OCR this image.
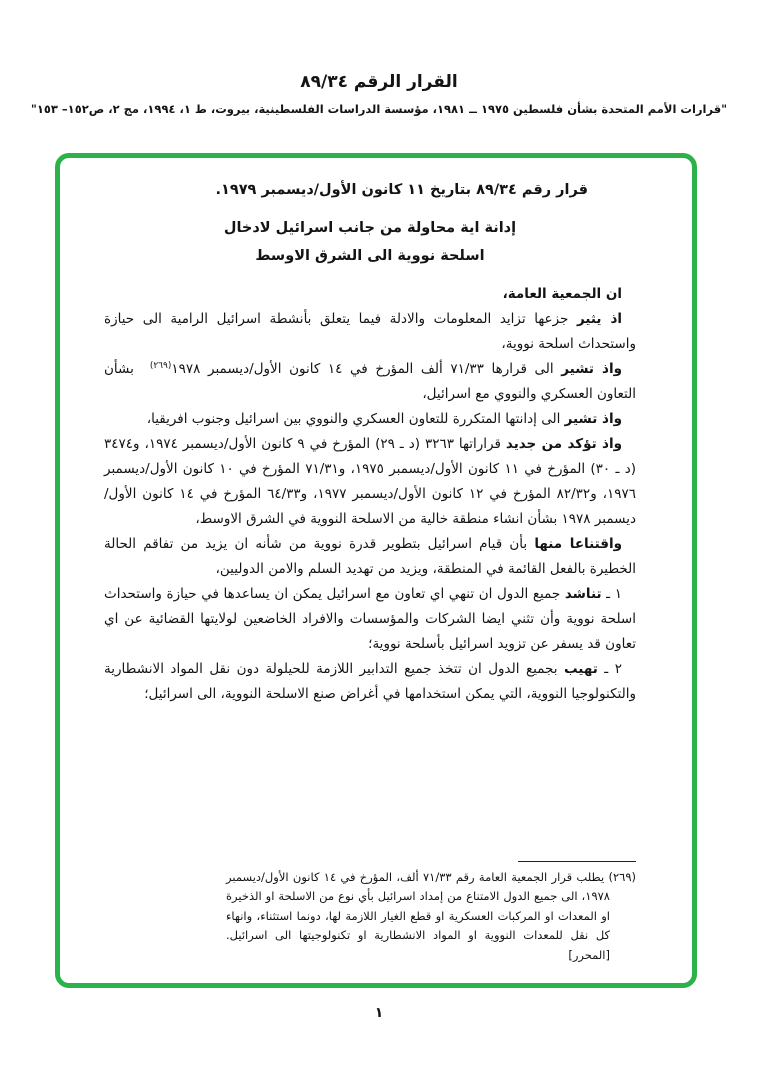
القرار الرقم ٨٩/٣٤
"قرارات الأمم المتحدة بشأن فلسطين ١٩٧٥ ــ ١٩٨١، مؤسسة الدراسات الفلسطينية، بيروت، ط ١، ١٩٩٤، مج ٢، ص١٥٢‏– ‏١٥٣"

قرار رقم ٨٩/٣٤ بتاريخ ١١ كانون الأول/ديسمبر ١٩٧٩.

إدانة اية محاولة من جانب اسرائيل لادخال

اسلحة نووية الى الشرق الاوسط

ان الجمعية العامة،

اذ يثير جزعها تزايد المعلومات والادلة فيما يتعلق بأنشطة اسرائيل الرامية الى حيازة واستحداث اسلحة نووية،

واذ تشير الى قرارها ٧١/٣٣ ألف المؤرخ في ١٤ كانون الأول/ديسمبر ١٩٧٨$^{(٢٦٩)}$بشأن التعاون العسكري والنووي مع اسرائيل،

واذ تشير الى إدانتها المتكررة للتعاون العسكري والنووي بين اسرائيل وجنوب افريقيا،

واذ تؤكد من جديد قراراتها ٣٢٦٣ (د ـ ٢٩) المؤرخ في ٩ كانون الأول/ديسمبر ١٩٧٤، و٣٤٧٤ (د ـ ٣٠) المؤرخ في ١١ كانون الأول/ديسمبر ١٩٧٥، و٧١/٣١ المؤرخ في ١٠ كانون الأول/ديسمبر ١٩٧٦، و٨٢/٣٢ المؤرخ في ١٢ كانون الأول/ديسمبر ١٩٧٧، و٦٤/٣٣ المؤرخ في ١٤ كانون الأول/ديسمبر ١٩٧٨ بشأن انشاء منطقة خالية من الاسلحة النووية في الشرق الاوسط،

واقتناعا منها بأن قيام اسرائيل بتطوير قدرة نووية من شأنه ان يزيد من تفاقم الحالة الخطيرة بالفعل القائمة في المنطقة، ويزيد من تهديد السلم والامن الدوليين،

١ ـ تناشد جميع الدول ان تنهي اي تعاون مع اسرائيل يمكن ان يساعدها في حيازة واستحداث اسلحة نووية وأن تثني ايضا الشركات والمؤسسات والافراد الخاضعين لولايتها القضائية عن اي تعاون قد يسفر عن تزويد اسرائيل بأسلحة نووية؛

٢ ـ تهيب بجميع الدول ان تتخذ جميع التدابير اللازمة للحيلولة دون نقل المواد الانشطارية والتكنولوجيا النووية، التي يمكن استخدامها في أغراض صنع الاسلحة النووية، الى اسرائيل؛

(٢٦٩) يطلب قرار الجمعية العامة رقم ٧١/٣٣ ألف، المؤرخ في ١٤ كانون الأول/ديسمبر ١٩٧٨، الى جميع الدول الامتناع من إمداد اسرائيل بأي نوع من الاسلحة او الذخيرة او المعدات او المركبات العسكرية او قطع الغيار اللازمة لها، دونما استثناء، وانهاء كل نقل للمعدات النووية او المواد الانشطارية او تكنولوجيتها الى اسرائيل. [المحرر]

١
